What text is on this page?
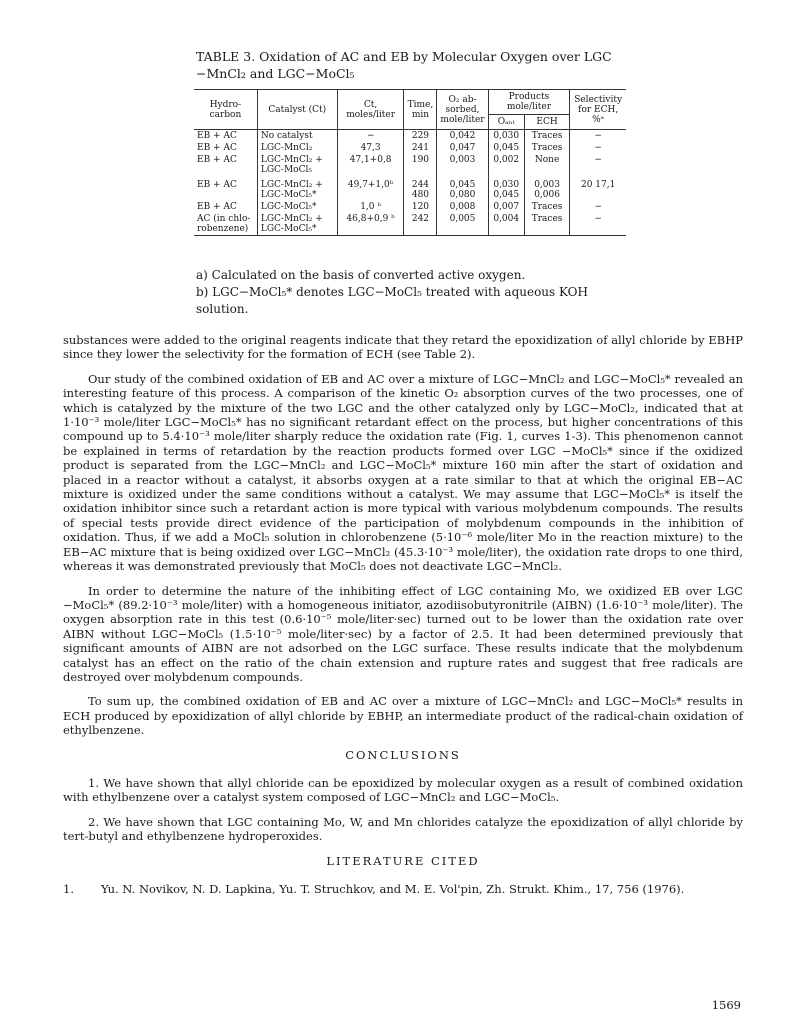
TABLE 3. Oxidation of AC and EB by Molecular Oxygen over LGC
−MnCl₂ and LGC−MoCl₅
Hydro- carbon	Catalyst (Ct)	Ct, moles/liter	Time, min	O₂ ab- sorbed, mole/liter	Products mole/liter		Selectivity for ECH, %ᵃ
					Oₐₙₜ	ECH	
EB + AC	No catalyst	−	229	0,042	0,030	Traces	−
EB + AC	LGC-MnCl₂	47,3	241	0,047	0,045	Traces	−
EB + AC	LGC-MnCl₂ + LGC-MoCl₅	47,1+0,8	190	0,003	0,002	None	−
EB + AC	LGC-MnCl₂ + LGC-MoCl₅*	49,7+1,0ᵇ	244 480	0,045 0,080	0,030 0,045	0,003 0,006	20 17,1
EB + AC	LGC-MoCl₅*	1,0 ᵇ	120	0,008	0,007	Traces	−
AC (in chlo- robenzene)	LGC-MnCl₂ + LGC-MoCl₅*	46,8+0,9 ᵇ	242	0,005	0,004	Traces	−

a) Calculated on the basis of converted active oxygen.

b) LGC−MoCl₅* denotes LGC−MoCl₅ treated with aqueous KOH solution.

substances were added to the original reagents indicate that they retard the epoxidization of allyl chloride by EBHP since they lower the selectivity for the formation of ECH (see Table 2).

Our study of the combined oxidation of EB and AC over a mixture of LGC−MnCl₂ and LGC−MoCl₅* revealed an interesting feature of this process. A comparison of the kinetic O₂ absorption curves of the two processes, one of which is catalyzed by the mixture of the two LGC and the other catalyzed only by LGC−MoCl₂, indicated that at 1·10⁻³ mole/liter LGC−MoCl₅* has no significant retardant effect on the process, but higher concentrations of this compound up to 5.4·10⁻³ mole/liter sharply reduce the oxidation rate (Fig. 1, curves 1-3). This phenomenon cannot be explained in terms of retardation by the reaction products formed over LGC −MoCl₅* since if the oxidized product is separated from the LGC−MnCl₂ and LGC−MoCl₅* mixture 160 min after the start of oxidation and placed in a reactor without a catalyst, it absorbs oxygen at a rate similar to that at which the original EB−AC mixture is oxidized under the same conditions without a catalyst. We may assume that LGC−MoCl₅* is itself the oxidation inhibitor since such a retardant action is more typical with various molybdenum compounds. The results of special tests provide direct evidence of the participation of molybdenum compounds in the inhibition of oxidation. Thus, if we add a MoCl₅ solution in chlorobenzene (5·10⁻⁶ mole/liter Mo in the reaction mixture) to the EB−AC mixture that is being oxidized over LGC−MnCl₂ (45.3·10⁻³ mole/liter), the oxidation rate drops to one third, whereas it was demonstrated previously that MoCl₅ does not deactivate LGC−MnCl₂.

In order to determine the nature of the inhibiting effect of LGC containing Mo, we oxidized EB over LGC −MoCl₅* (89.2·10⁻³ mole/liter) with a homogeneous initiator, azodiisobutyronitrile (AIBN) (1.6·10⁻³ mole/liter). The oxygen absorption rate in this test (0.6·10⁻⁵ mole/liter·sec) turned out to be lower than the oxidation rate over AIBN without LGC−MoCl₅ (1.5·10⁻⁵ mole/liter·sec) by a factor of 2.5. It had been determined previously that significant amounts of AIBN are not adsorbed on the LGC surface. These results indicate that the molybdenum catalyst has an effect on the ratio of the chain extension and rupture rates and suggest that free radicals are destroyed over molybdenum compounds.

To sum up, the combined oxidation of EB and AC over a mixture of LGC−MnCl₂ and LGC−MoCl₅* results in ECH produced by epoxidization of allyl chloride by EBHP, an intermediate product of the radical-chain oxidation of ethylbenzene.

CONCLUSIONS

1. We have shown that allyl chloride can be epoxidized by molecular oxygen as a result of combined oxidation with ethylbenzene over a catalyst system composed of LGC−MnCl₂ and LGC−MoCl₅.

2. We have shown that LGC containing Mo, W, and Mn chlorides catalyze the epoxidization of allyl chloride by tert-butyl and ethylbenzene hydroperoxides.

LITERATURE CITED
1.	Yu. N. Novikov, N. D. Lapkina, Yu. T. Struchkov, and M. E. Vol'pin, Zh. Strukt. Khim., 17, 756 (1976).
1569
